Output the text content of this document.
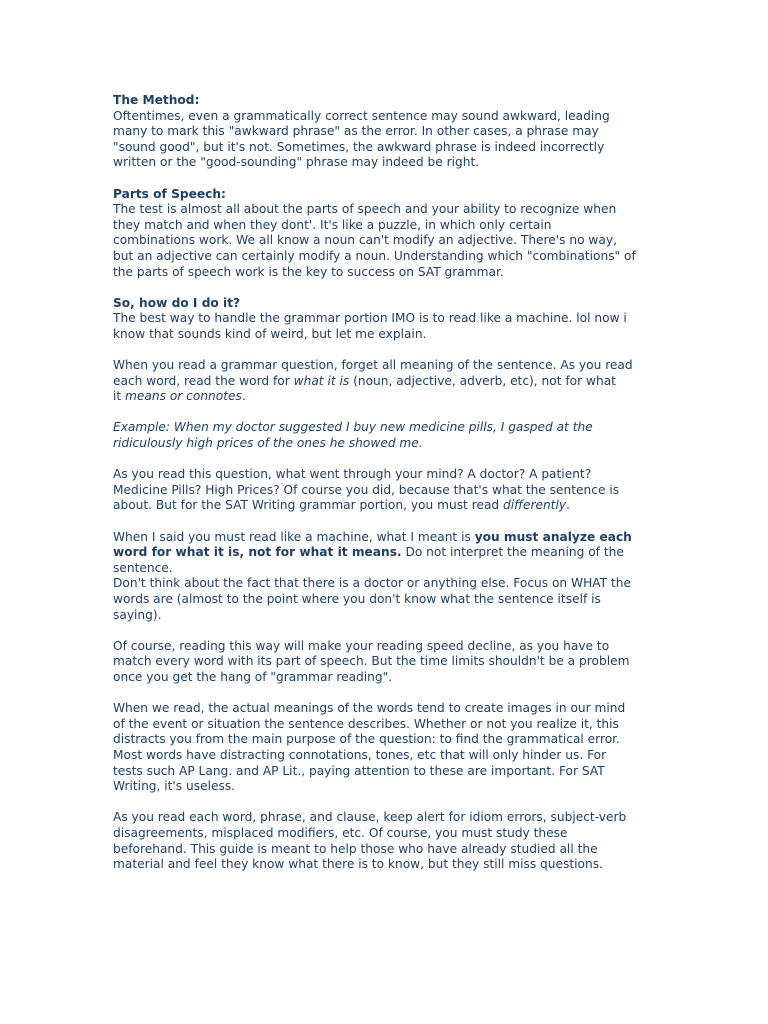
The Method:

Oftentimes, even a grammatically correct sentence may sound awkward, leading
many to mark this "awkward phrase" as the error. In other cases, a phrase may
"sound good", but it's not. Sometimes, the awkward phrase is indeed incorrectly
written or the "good-sounding" phrase may indeed be right.

Parts of Speech:

The test is almost all about the parts of speech and your ability to recognize when
they match and when they dont'. It's like a puzzle, in which only certain
combinations work. We all know a noun can't modify an adjective. There's no way,
but an adjective can certainly modify a noun. Understanding which "combinations" of
the parts of speech work is the key to success on SAT grammar.

So, how do I do it?

The best way to handle the grammar portion IMO is to read like a machine. lol now i
know that sounds kind of weird, but let me explain.

When you read a grammar question, forget all meaning of the sentence. As you read
each word, read the word for what it is (noun, adjective, adverb, etc), not for what
it means or connotes.

Example: When my doctor suggested I buy new medicine pills, I gasped at the
ridiculously high prices of the ones he showed me.

As you read this question, what went through your mind? A doctor? A patient?
Medicine Pills? High Prices? Of course you did, because that's what the sentence is
about. But for the SAT Writing grammar portion, you must read differently.

When I said you must read like a machine, what I meant is you must analyze each
word for what it is, not for what it means. Do not interpret the meaning of the
sentence.

Don't think about the fact that there is a doctor or anything else. Focus on WHAT the
words are (almost to the point where you don't know what the sentence itself is
saying).

Of course, reading this way will make your reading speed decline, as you have to
match every word with its part of speech. But the time limits shouldn't be a problem
once you get the hang of "grammar reading".

When we read, the actual meanings of the words tend to create images in our mind
of the event or situation the sentence describes. Whether or not you realize it, this
distracts you from the main purpose of the question: to find the grammatical error.
Most words have distracting connotations, tones, etc that will only hinder us. For
tests such AP Lang. and AP Lit., paying attention to these are important. For SAT
Writing, it's useless.

As you read each word, phrase, and clause, keep alert for idiom errors, subject-verb
disagreements, misplaced modifiers, etc. Of course, you must study these
beforehand. This guide is meant to help those who have already studied all the
material and feel they know what there is to know, but they still miss questions.
